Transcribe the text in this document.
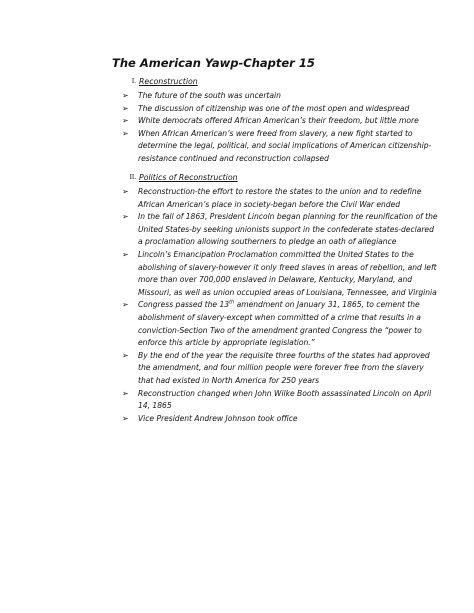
The American Yawp-Chapter 15
I. Reconstruction
➢	The future of the south was uncertain
➢	The discussion of citizenship was one of the most open and widespread
➢	White democrats offered African American’s their freedom, but little more
➢	When African American’s were freed from slavery, a new fight started to determine the legal, political, and social implications of American citizenship-resistance continued and reconstruction collapsed
II. Politics of Reconstruction
➢	Reconstruction-the effort to restore the states to the union and to redefine African American’s place in society-began before the Civil War ended
➢	In the fall of 1863, President Lincoln began planning for the reunification of the United States-by seeking unionists support in the confederate states-declared a proclamation allowing southerners to pledge an oath of allegiance
➢	Lincoln’s Emancipation Proclamation committed the United States to the abolishing of slavery-however it only freed slaves in areas of rebellion, and left more than over 700,000 enslaved in Delaware, Kentucky, Maryland, and Missouri, as well as union occupied areas of Louisiana, Tennessee, and Virginia
➢	Congress passed the 13th amendment on January 31, 1865, to cement the abolishment of slavery-except when committed of a crime that results in a conviction-Section Two of the amendment granted Congress the “power to enforce this article by appropriate legislation.”
➢	By the end of the year the requisite three fourths of the states had approved the amendment, and four million people were forever free from the slavery that had existed in North America for 250 years
➢	Reconstruction changed when John Wilke Booth assassinated Lincoln on April 14, 1865
➢	Vice President Andrew Johnson took office
